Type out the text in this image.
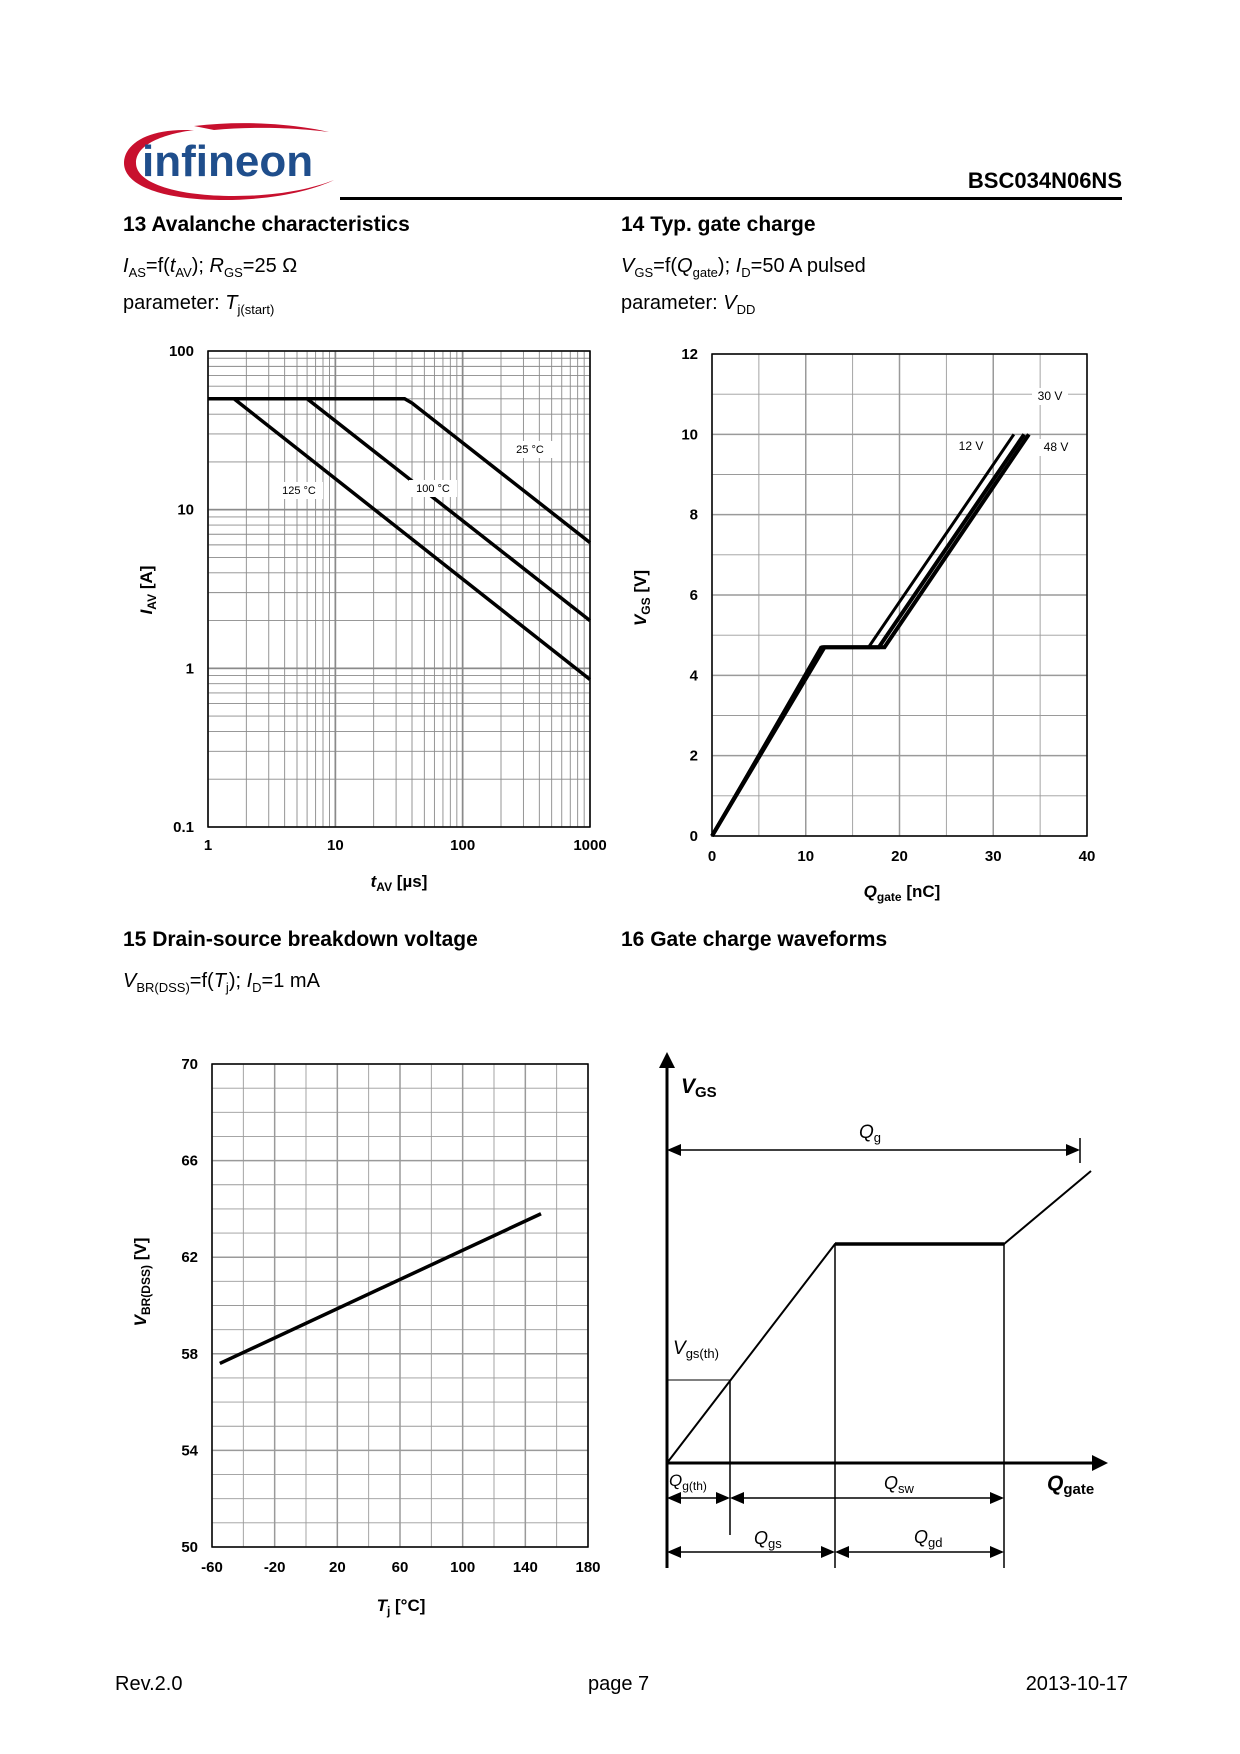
infineon	BSC034N06NS
13 Avalanche characteristics
$I_{AS}=f(t_{AV})$; $R_{GS}=25$ Ω
parameter: $T_{j(start)}$
14 Typ. gate charge
$V_{GS}=f(Q_{gate})$; $I_D=50$ A pulsed
parameter: $V_{DD}$
15 Drain-source breakdown voltage
$V_{BR(DSS)}=f(T_j)$; $I_D=1$ mA
16 Gate charge waveforms
1	10	100	1000
0.1
1
10
100
$t_{AV}$ [µs]
$I_{AV}$ [A]
25 °C
100 °C
125 °C
0	10	20	30	40
0
2
4
6
8
10
12
$Q_{gate}$ [nC]
$V_{GS}$ [V]
12 V
30 V
48 V
-60	-20	20	60	100	140	180
50
54
58
62
66
70
$T_j$ [°C]
$V_{BR(DSS)}$ [V]
VGS
Qgate
$Q_g$
$V_{gs(th)}$
$Q_{g(th)}$	$Q_{sw}$
$Q_{gs}$	$Q_{gd}$
Rev.2.0	page 7	2013-10-17
